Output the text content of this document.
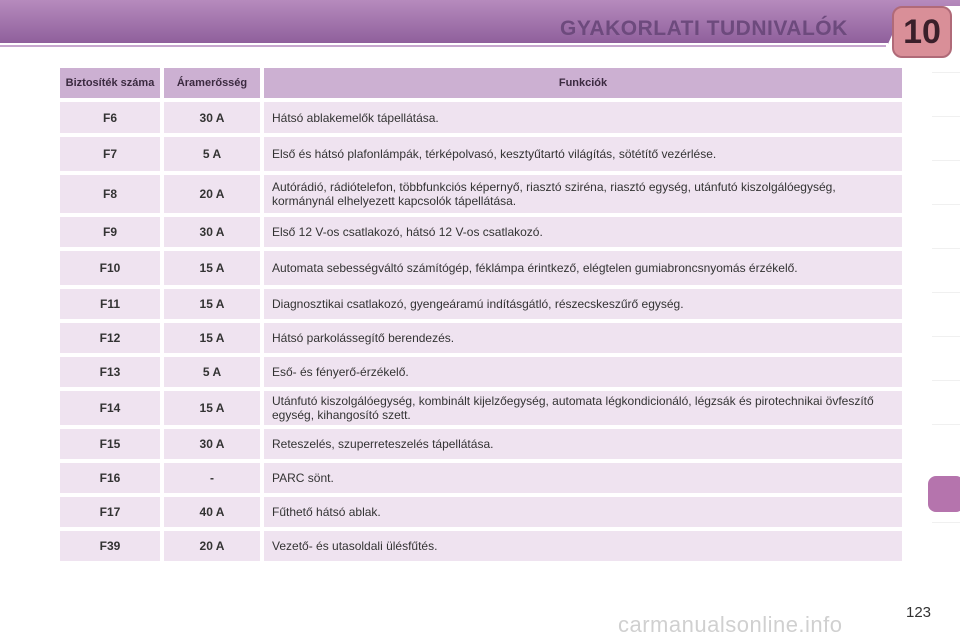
GYAKORLATI TUDNIVALÓK 10
Biztosíték száma	Áramerősség	Funkciók
F6	30 A	Hátsó ablakemelők tápellátása.
F7	5 A	Első és hátsó plafonlámpák, térképolvasó, kesztyűtartó világítás, sötétítő vezérlése.
F8	20 A	Autórádió, rádiótelefon, többfunkciós képernyő, riasztó sziréna, riasztó egység, utánfutó kiszolgálóegység, kormánynál elhelyezett kapcsolók tápellátása.
F9	30 A	Első 12 V-os csatlakozó, hátsó 12 V-os csatlakozó.
F10	15 A	Automata sebességváltó számítógép, féklámpa érintkező, elégtelen gumiabroncsnyomás érzékelő.
F11	15 A	Diagnosztikai csatlakozó, gyengeáramú indításgátló, részecskeszűrő egység.
F12	15 A	Hátsó parkolássegítő berendezés.
F13	5 A	Eső- és fényerő-érzékelő.
F14	15 A	Utánfutó kiszolgálóegység, kombinált kijelzőegység, automata légkondicionáló, légzsák és pirotechnikai övfeszítő egység, kihangosító szett.
F15	30 A	Reteszelés, szuperreteszelés tápellátása.
F16	-	PARC sönt.
F17	40 A	Fűthető hátsó ablak.
F39	20 A	Vezető- és utasoldali ülésfűtés.
carmanualsonline.info	123
